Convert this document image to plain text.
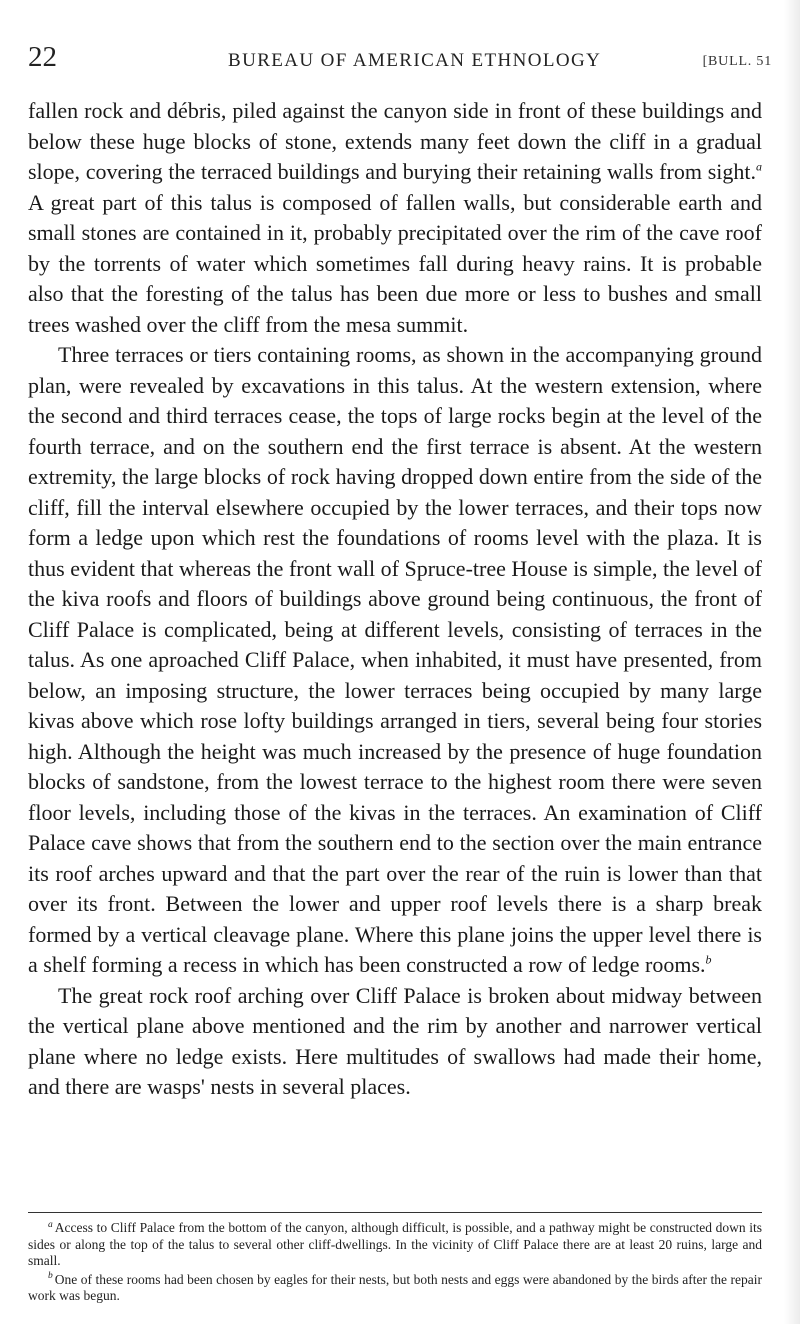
22	BUREAU OF AMERICAN ETHNOLOGY	[BULL. 51

fallen rock and débris, piled against the canyon side in front of these buildings and below these huge blocks of stone, extends many feet down the cliff in a gradual slope, covering the terraced buildings and burying their retaining walls from sight.$^a$ A great part of this talus is composed of fallen walls, but considerable earth and small stones are contained in it, probably precipitated over the rim of the cave roof by the torrents of water which sometimes fall during heavy rains. It is probable also that the foresting of the talus has been due more or less to bushes and small trees washed over the cliff from the mesa summit.

Three terraces or tiers containing rooms, as shown in the accompanying ground plan, were revealed by excavations in this talus. At the western extension, where the second and third terraces cease, the tops of large rocks begin at the level of the fourth terrace, and on the southern end the first terrace is absent. At the western extremity, the large blocks of rock having dropped down entire from the side of the cliff, fill the interval elsewhere occupied by the lower terraces, and their tops now form a ledge upon which rest the foundations of rooms level with the plaza. It is thus evident that whereas the front wall of Spruce-tree House is simple, the level of the kiva roofs and floors of buildings above ground being continuous, the front of Cliff Palace is complicated, being at different levels, consisting of terraces in the talus. As one aproached Cliff Palace, when inhabited, it must have presented, from below, an imposing structure, the lower terraces being occupied by many large kivas above which rose lofty buildings arranged in tiers, several being four stories high. Although the height was much increased by the presence of huge foundation blocks of sandstone, from the lowest terrace to the highest room there were seven floor levels, including those of the kivas in the terraces. An examination of Cliff Palace cave shows that from the southern end to the section over the main entrance its roof arches upward and that the part over the rear of the ruin is lower than that over its front. Between the lower and upper roof levels there is a sharp break formed by a vertical cleavage plane. Where this plane joins the upper level there is a shelf forming a recess in which has been constructed a row of ledge rooms.$^b$

The great rock roof arching over Cliff Palace is broken about midway between the vertical plane above mentioned and the rim by another and narrower vertical plane where no ledge exists. Here multitudes of swallows had made their home, and there are wasps' nests in several places.

$^a$ Access to Cliff Palace from the bottom of the canyon, although difficult, is possible, and a pathway might be constructed down its sides or along the top of the talus to several other cliff-dwellings. In the vicinity of Cliff Palace there are at least 20 ruins, large and small.

$^b$ One of these rooms had been chosen by eagles for their nests, but both nests and eggs were abandoned by the birds after the repair work was begun.
